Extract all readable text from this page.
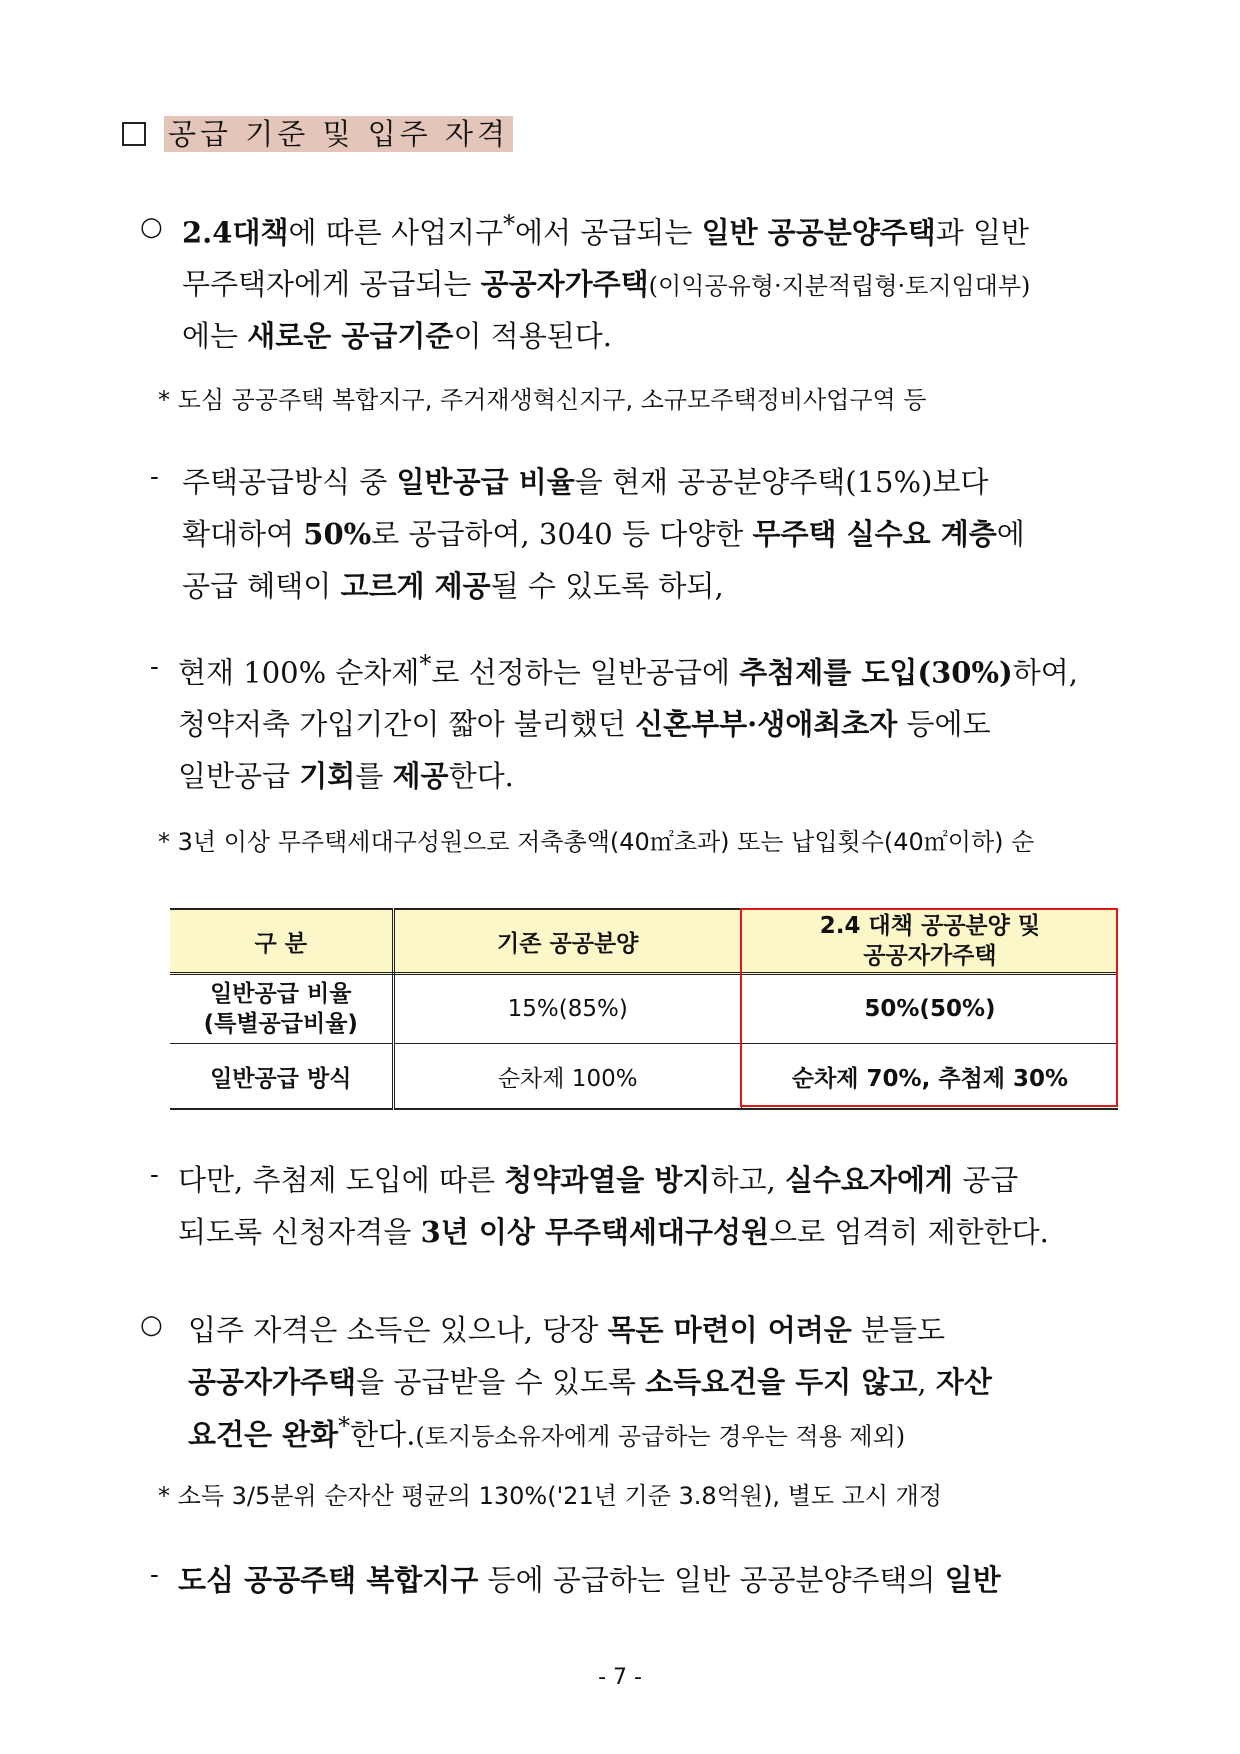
공급 기준 및 입주 자격
○ 2.4대책에 따른 사업지구*에서 공급되는 일반 공공분양주택과 일반
무주택자에게 공급되는 공공자가주택(이익공유형·지분적립형·토지임대부)
에는 새로운 공급기준이 적용된다.
* 도심 공공주택 복합지구, 주거재생혁신지구, 소규모주택정비사업구역 등
- 주택공급방식 중 일반공급 비율을 현재 공공분양주택(15%)보다
확대하여 50%로 공급하여, 3040 등 다양한 무주택 실수요 계층에
공급 혜택이 고르게 제공될 수 있도록 하되,
- 현재 100% 순차제*로 선정하는 일반공급에 추첨제를 도입(30%)하여,
청약저축 가입기간이 짧아 불리했던 신혼부부·생애최초자 등에도
일반공급 기회를 제공한다.
* 3년 이상 무주택세대구성원으로 저축총액(40㎡초과) 또는 납입횟수(40㎡이하) 순
구 분	기존 공공분양	2.4 대책 공공분양 및
공공자가주택
일반공급 비율
(특별공급비율)	15%(85%)	50%(50%)
일반공급 방식	순차제 100%	순차제 70%, 추첨제 30%
- 다만, 추첨제 도입에 따른 청약과열을 방지하고, 실수요자에게 공급
되도록 신청자격을 3년 이상 무주택세대구성원으로 엄격히 제한한다.
○ 입주 자격은 소득은 있으나, 당장 목돈 마련이 어려운 분들도
공공자가주택을 공급받을 수 있도록 소득요건을 두지 않고, 자산
요건은 완화*한다.(토지등소유자에게 공급하는 경우는 적용 제외)
* 소득 3/5분위 순자산 평균의 130%('21년 기준 3.8억원), 별도 고시 개정
- 도심 공공주택 복합지구 등에 공급하는 일반 공공분양주택의 일반
- 7 -
